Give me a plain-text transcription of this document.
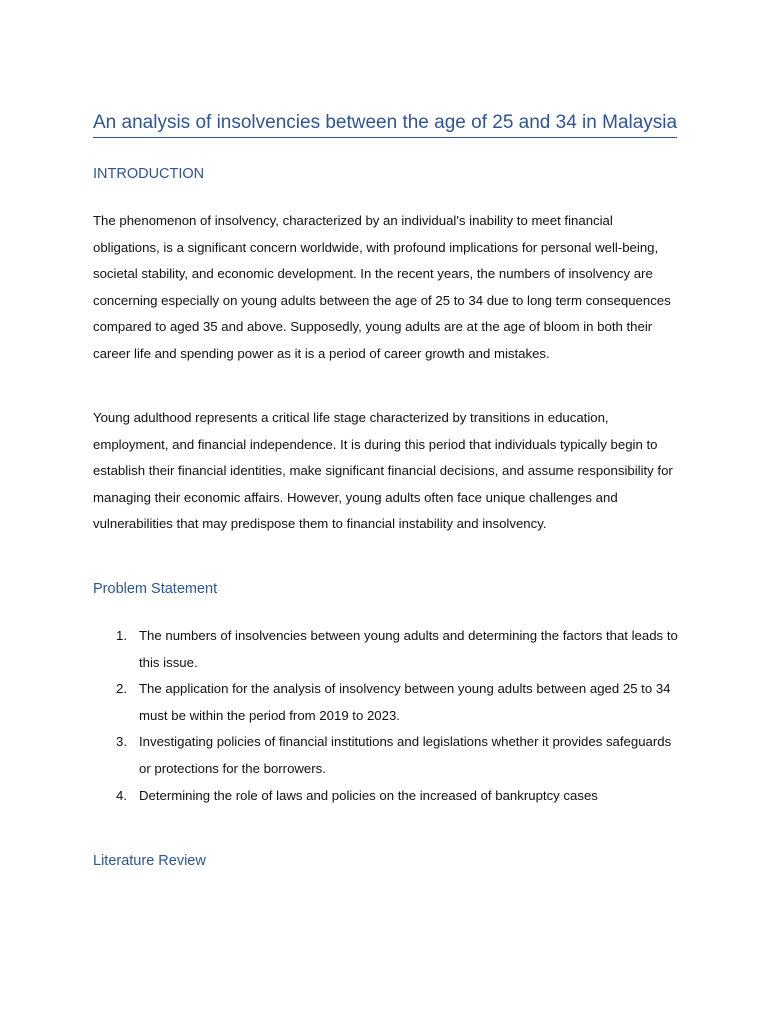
An analysis of insolvencies between the age of 25 and 34 in Malaysia
INTRODUCTION

The phenomenon of insolvency, characterized by an individual's inability to meet financial obligations, is a significant concern worldwide, with profound implications for personal well-being, societal stability, and economic development. In the recent years, the numbers of insolvency are concerning especially on young adults between the age of 25 to 34 due to long term consequences compared to aged 35 and above. Supposedly, young adults are at the age of bloom in both their career life and spending power as it is a period of career growth and mistakes.

Young adulthood represents a critical life stage characterized by transitions in education, employment, and financial independence. It is during this period that individuals typically begin to establish their financial identities, make significant financial decisions, and assume responsibility for managing their economic affairs. However, young adults often face unique challenges and vulnerabilities that may predispose them to financial instability and insolvency.

Problem Statement
1. The numbers of insolvencies between young adults and determining the factors that leads to this issue.
2. The application for the analysis of insolvency between young adults between aged 25 to 34 must be within the period from 2019 to 2023.
3. Investigating policies of financial institutions and legislations whether it provides safeguards or protections for the borrowers.
4. Determining the role of laws and policies on the increased of bankruptcy cases
Literature Review
